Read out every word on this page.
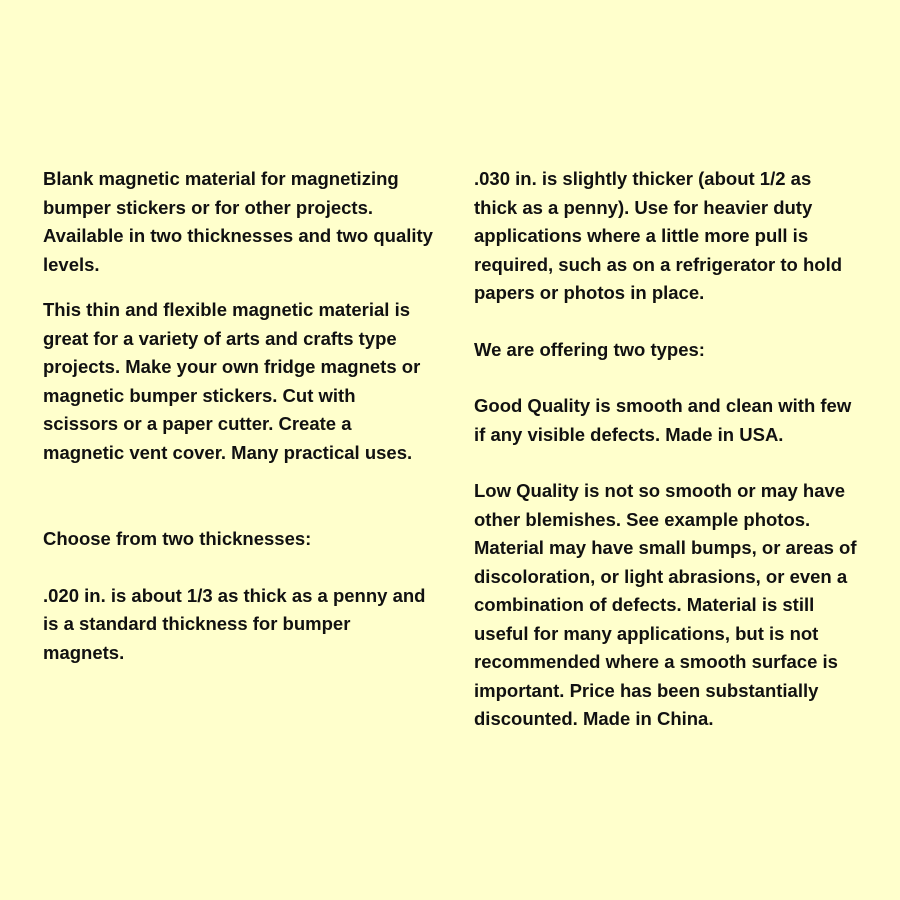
Blank magnetic material for magnetizing bumper stickers or for other projects. Available in two thicknesses and two quality levels.

This thin and flexible magnetic material is great for a variety of arts and crafts type projects. Make your own fridge magnets or magnetic bumper stickers. Cut with scissors or a paper cutter. Create a magnetic vent cover. Many practical uses.

Choose from two thicknesses:

.020 in. is about 1/3 as thick as a penny and is a standard thickness for bumper magnets.

.030 in. is slightly thicker (about 1/2 as thick as a penny). Use for heavier duty applications where a little more pull is required, such as on a refrigerator to hold papers or photos in place.

We are offering two types:

Good Quality is smooth and clean with few if any visible defects. Made in USA.

Low Quality is not so smooth or may have other blemishes. See example photos. Material may have small bumps, or areas of discoloration, or light abrasions, or even a combination of defects. Material is still useful for many applications, but is not recommended where a smooth surface is important. Price has been substantially discounted. Made in China.
